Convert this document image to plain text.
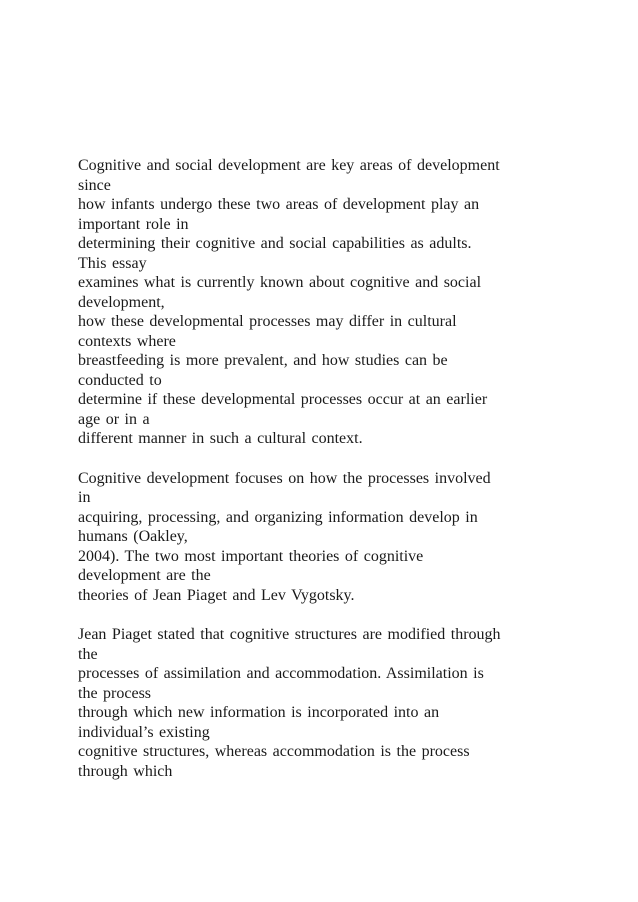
Cognitive and social development are key areas of development
since
how infants undergo these two areas of development play an
important role in
determining their cognitive and social capabilities as adults.
This essay
examines what is currently known about cognitive and social
development,
how these developmental processes may differ in cultural
contexts where
breastfeeding is more prevalent, and how studies can be
conducted to
determine if these developmental processes occur at an earlier
age or in a
different manner in such a cultural context.
Cognitive development focuses on how the processes involved
in
acquiring, processing, and organizing information develop in
humans (Oakley,
2004). The two most important theories of cognitive
development are the
theories of Jean Piaget and Lev Vygotsky.
Jean Piaget stated that cognitive structures are modified through
the
processes of assimilation and accommodation. Assimilation is
the process
through which new information is incorporated into an
individual’s existing
cognitive structures, whereas accommodation is the process
through which
